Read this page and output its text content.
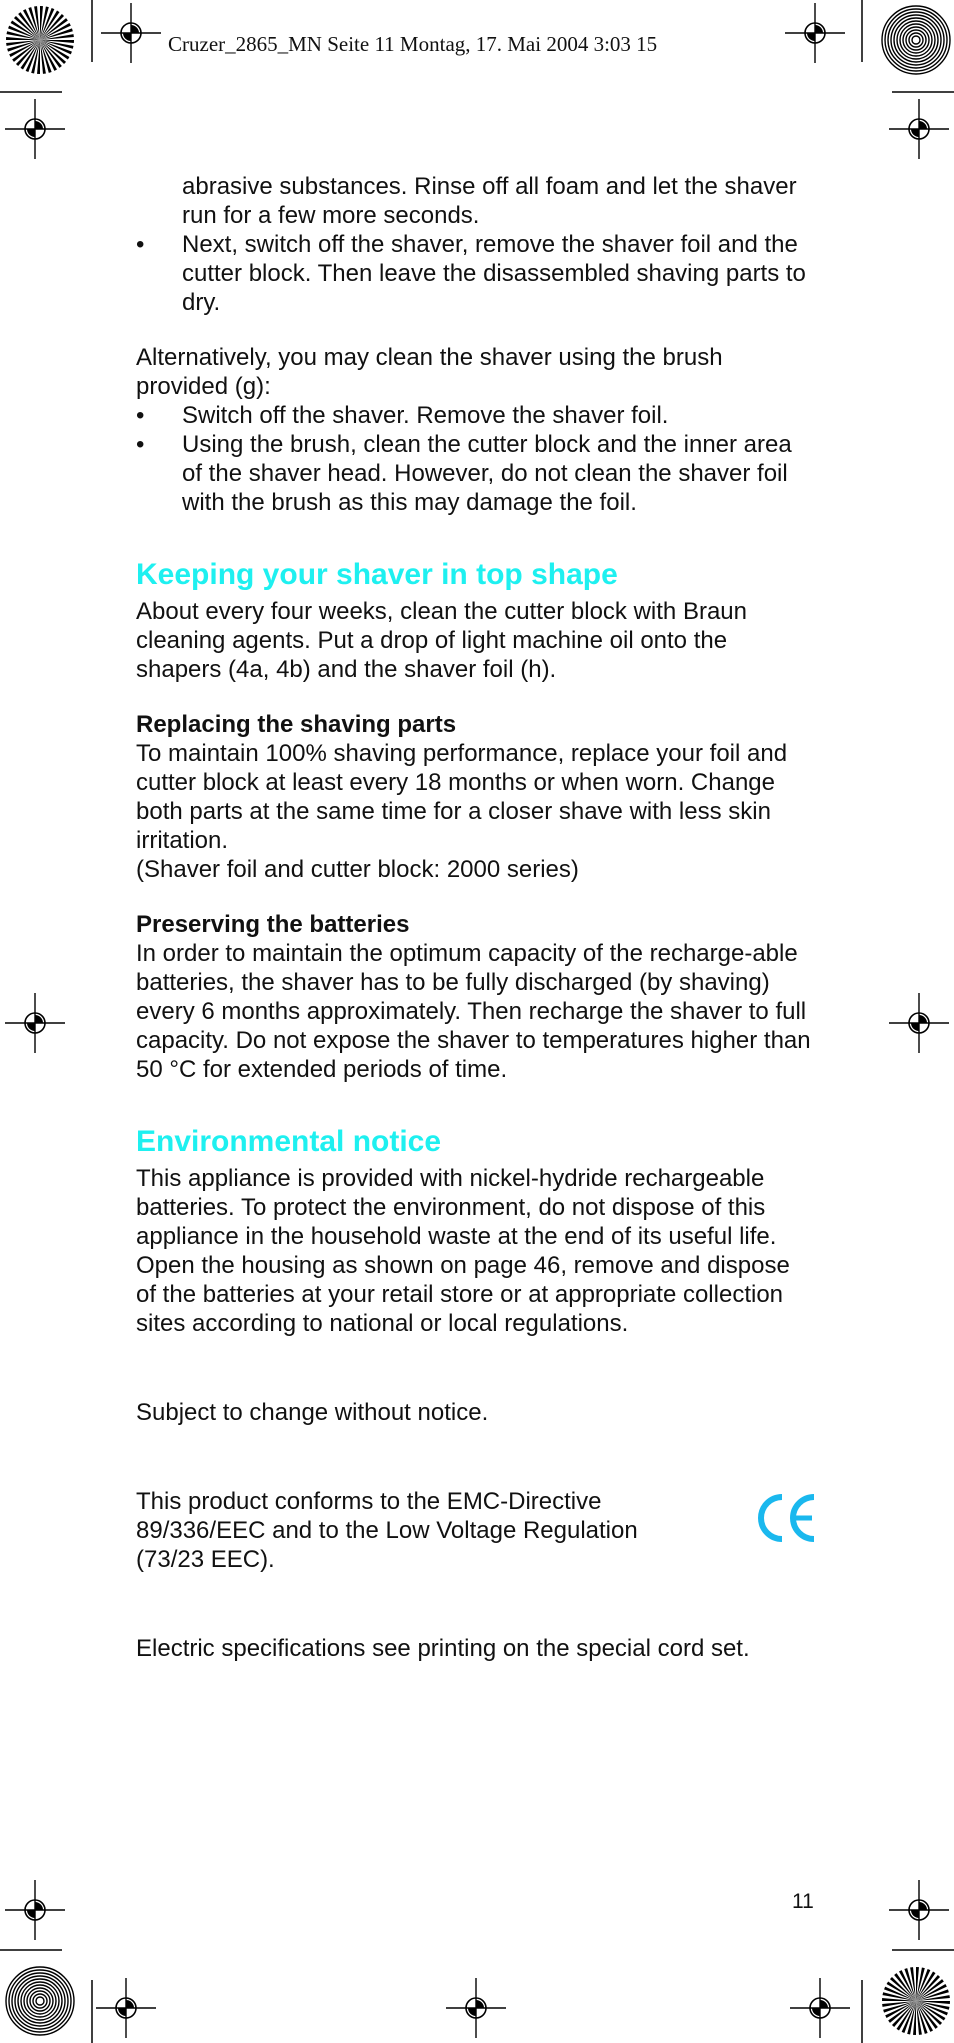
Cruzer_2865_MN Seite 11 Montag, 17. Mai 2004 3:03 15

abrasive substances. Rinse off all foam and let the shaver run for a few more seconds.

• Next, switch off the shaver, remove the shaver foil and the cutter block. Then leave the disassembled shaving parts to dry.

Alternatively, you may clean the shaver using the brush provided (g):

• Switch off the shaver. Remove the shaver foil.

• Using the brush, clean the cutter block and the inner area of the shaver head. However, do not clean the shaver foil with the brush as this may damage the foil.

Keeping your shaver in top shape

About every four weeks, clean the cutter block with Braun cleaning agents. Put a drop of light machine oil onto the shapers (4a, 4b) and the shaver foil (h).

Replacing the shaving parts

To maintain 100% shaving performance, replace your foil and cutter block at least every 18 months or when worn. Change both parts at the same time for a closer shave with less skin irritation.

(Shaver foil and cutter block: 2000 series)

Preserving the batteries

In order to maintain the optimum capacity of the recharge-able batteries, the shaver has to be fully discharged (by shaving) every 6 months approximately. Then recharge the shaver to full capacity. Do not expose the shaver to temperatures higher than 50 °C for extended periods of time.

Environmental notice

This appliance is provided with nickel-hydride rechargeable batteries. To protect the environment, do not dispose of this appliance in the household waste at the end of its useful life. Open the housing as shown on page 46, remove and dispose of the batteries at your retail store or at appropriate collection sites according to national or local regulations.

Subject to change without notice.

This product conforms to the EMC-Directive 89/336/EEC and to the Low Voltage Regulation (73/23 EEC).

Electric specifications see printing on the special cord set.

11
